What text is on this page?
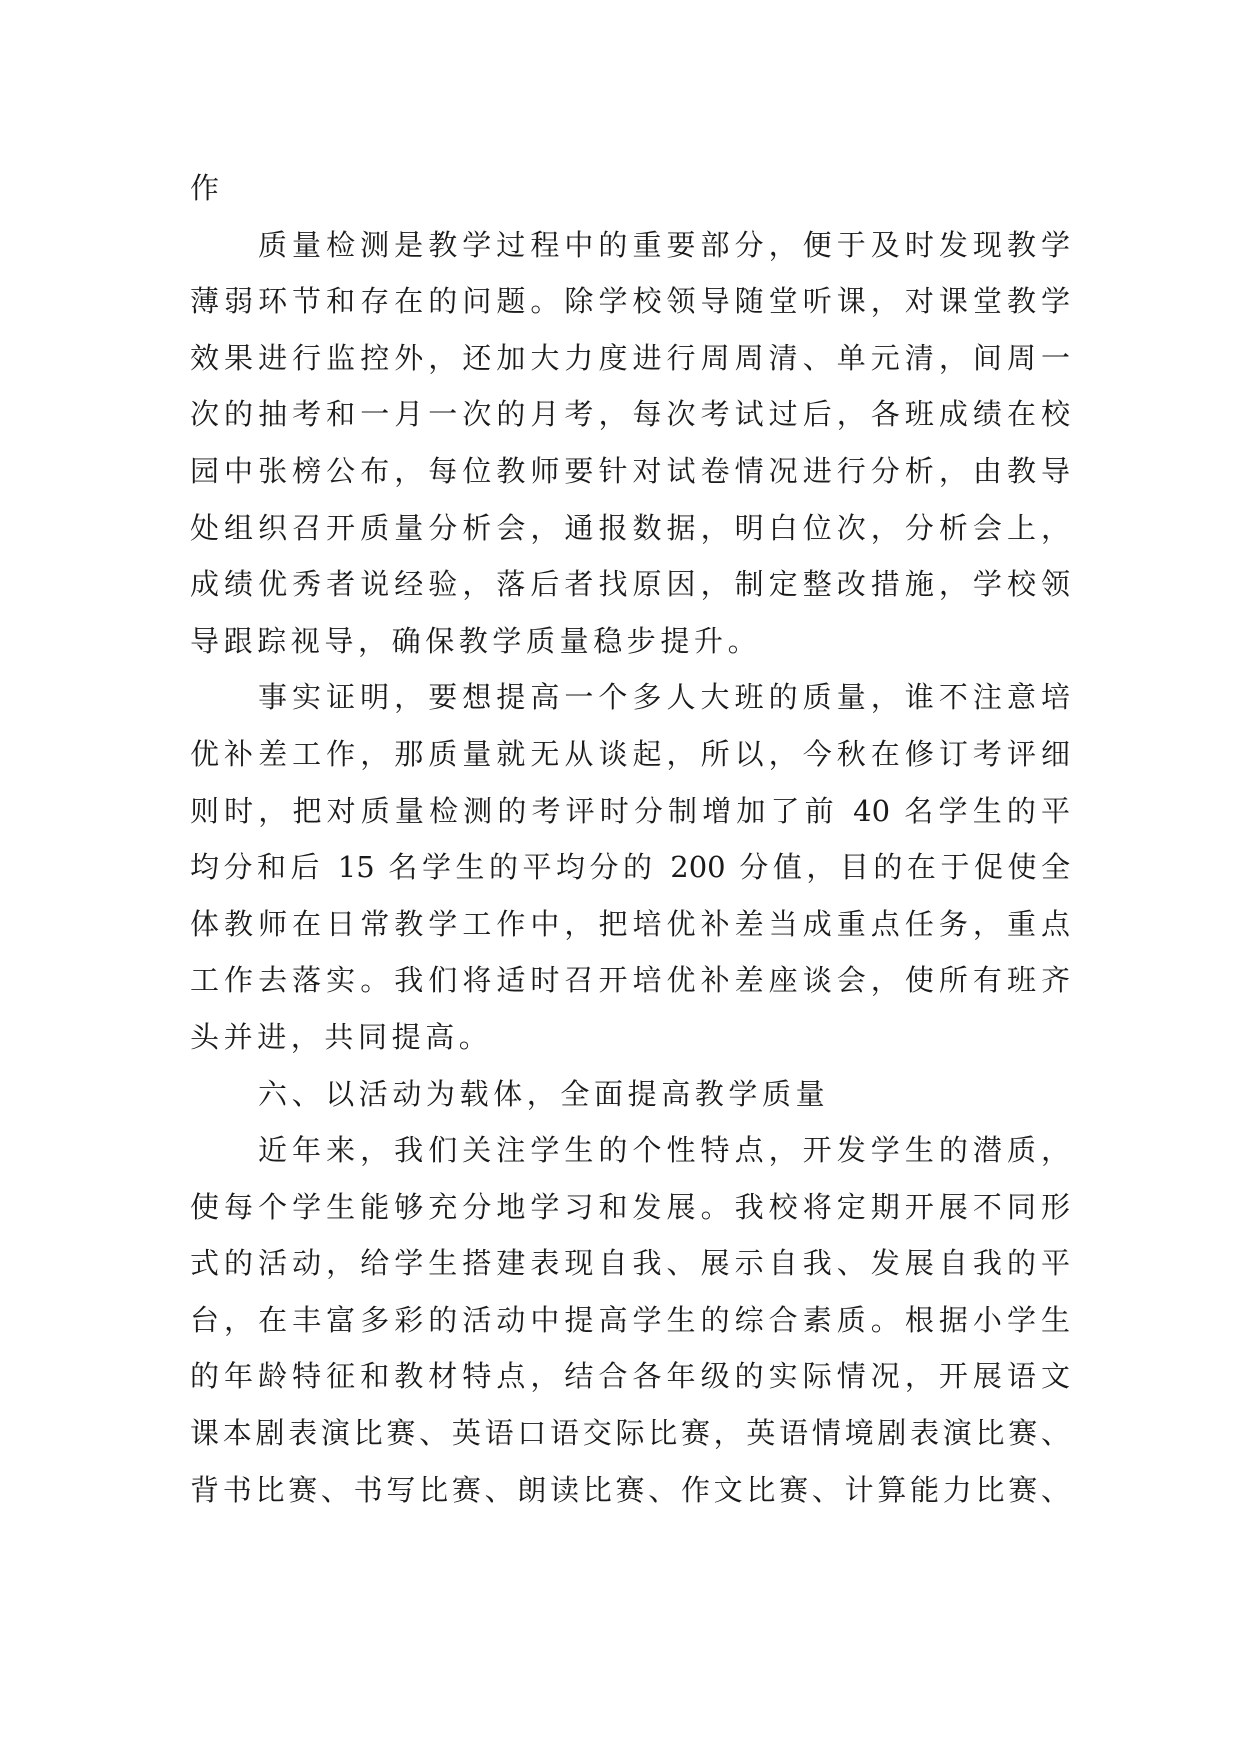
作
质量检测是教学过程中的重要部分，便于及时发现教学
薄弱环节和存在的问题。除学校领导随堂听课，对课堂教学
效果进行监控外，还加大力度进行周周清、单元清，间周一
次的抽考和一月一次的月考，每次考试过后，各班成绩在校
园中张榜公布，每位教师要针对试卷情况进行分析，由教导
处组织召开质量分析会，通报数据，明白位次，分析会上，
成绩优秀者说经验，落后者找原因，制定整改措施，学校领
导跟踪视导，确保教学质量稳步提升。
事实证明，要想提高一个多人大班的质量，谁不注意培
优补差工作，那质量就无从谈起，所以，今秋在修订考评细
则时，把对质量检测的考评时分制增加了前 40 名学生的平
均分和后 15 名学生的平均分的 200 分值，目的在于促使全
体教师在日常教学工作中，把培优补差当成重点任务，重点
工作去落实。我们将适时召开培优补差座谈会，使所有班齐
头并进，共同提高。
六、以活动为载体，全面提高教学质量
近年来，我们关注学生的个性特点，开发学生的潜质，
使每个学生能够充分地学习和发展。我校将定期开展不同形
式的活动，给学生搭建表现自我、展示自我、发展自我的平
台，在丰富多彩的活动中提高学生的综合素质。根据小学生
的年龄特征和教材特点，结合各年级的实际情况，开展语文
课本剧表演比赛、英语口语交际比赛，英语情境剧表演比赛、
背书比赛、书写比赛、朗读比赛、作文比赛、计算能力比赛、
